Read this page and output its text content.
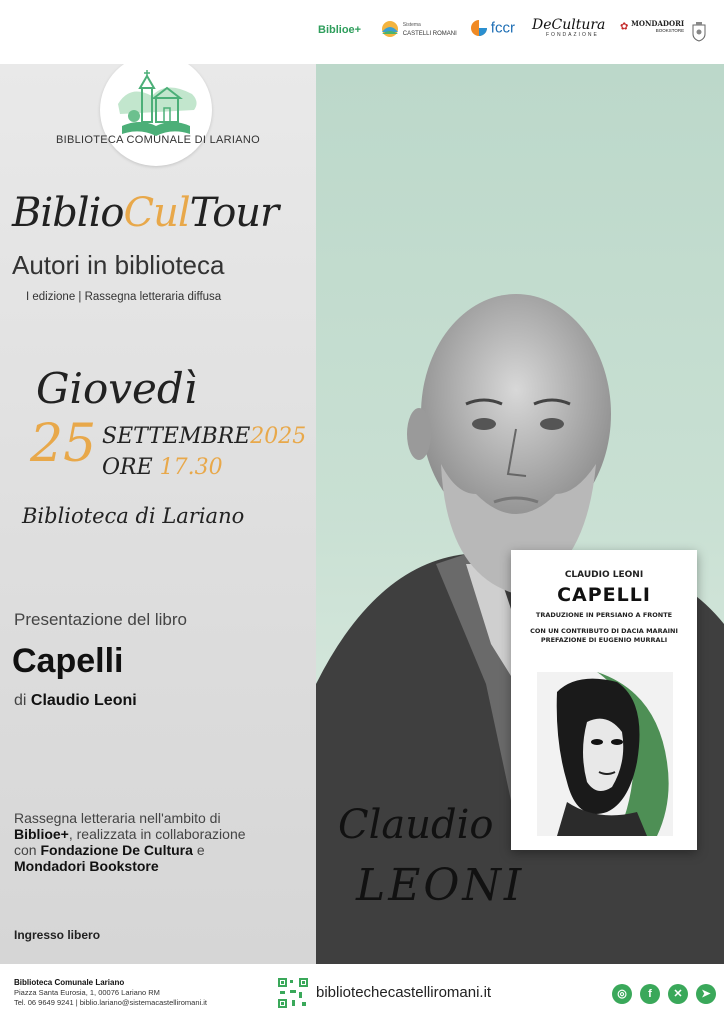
Biblioe+
	Sistema
CASTELLI ROMANI	fccr DeCultura
FONDAZIONE
✿ MONDADORI
BOOKSTORE
BIBLIOTECA COMUNALE DI LARIANO
BiblioCulTour
Autori in biblioteca
I edizione | Rassegna letteraria diffusa
Giovedì
25 SETTEMBRE2025
ORE 17.30
Biblioteca di Lariano
Presentazione del libro
Capelli
di Claudio Leoni
Rassegna letteraria nell'ambito di
Biblioe+, realizzata in collaborazione
con Fondazione De Cultura e
Mondadori Bookstore
Ingresso libero
Claudio
LEONI
CLAUDIO LEONI
CAPELLI
TRADUZIONE IN PERSIANO A FRONTE
CON UN CONTRIBUTO DI DACIA MARAINI
PREFAZIONE DI EUGENIO MURRALI
Biblioteca Comunale Lariano
Piazza Santa Eurosia, 1, 00076 Lariano RM
Tel. 06 9649 9241 | biblio.lariano@sistemacastelliromani.it
bibliotechecastelliromani.it	◎	f	✕	➤
